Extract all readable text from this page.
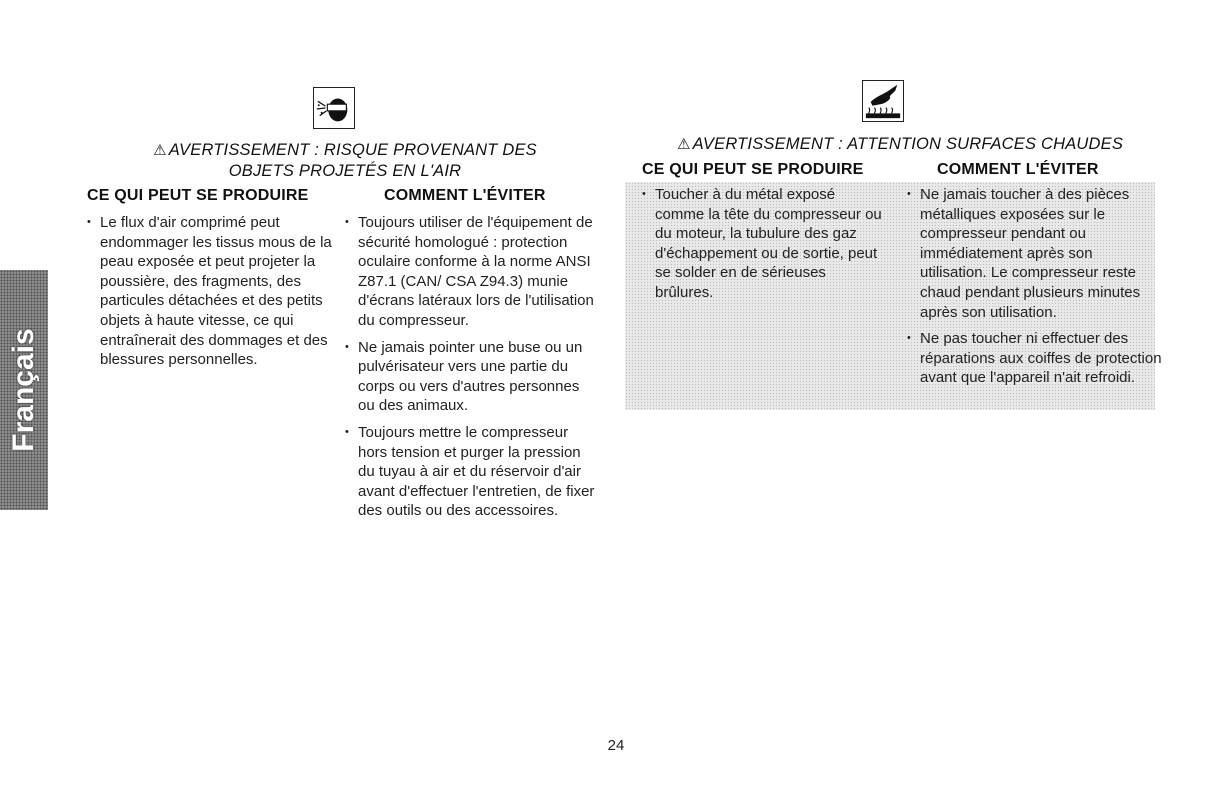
Français
⚠ AVERTISSEMENT : RISQUE PROVENANT DES
OBJETS PROJETÉS EN L'AIR
CE QUI PEUT SE PRODUIRE	COMMENT L'ÉVITER
• Le flux d'air comprimé peut endommager les tissus mous de la peau exposée et peut projeter la poussière, des fragments, des particules détachées et des petits objets à haute vitesse, ce qui entraînerait des dommages et des blessures personnelles.
• Toujours utiliser de l'équipement de sécurité homologué : protection oculaire conforme à la norme ANSI Z87.1 (CAN/ CSA Z94.3) munie d'écrans latéraux lors de l'utilisation du compresseur.
• Ne jamais pointer une buse ou un pulvérisateur vers une partie du corps ou vers d'autres personnes ou des animaux.
• Toujours mettre le compresseur hors tension et purger la pression du tuyau à air et du réservoir d'air avant d'effectuer l'entretien, de fixer des outils ou des accessoires.
⚠ AVERTISSEMENT : ATTENTION SURFACES CHAUDES
CE QUI PEUT SE PRODUIRE	COMMENT L'ÉVITER
• Toucher à du métal exposé comme la tête du compresseur ou du moteur, la tubulure des gaz d'échappement ou de sortie, peut se solder en de sérieuses brûlures.
• Ne jamais toucher à des pièces métalliques exposées sur le compresseur pendant ou immédiatement après son utilisation. Le compresseur reste chaud pendant plusieurs minutes après son utilisation.
• Ne pas toucher ni effectuer des réparations aux coiffes de protection avant que l'appareil n'ait refroidi.
24
